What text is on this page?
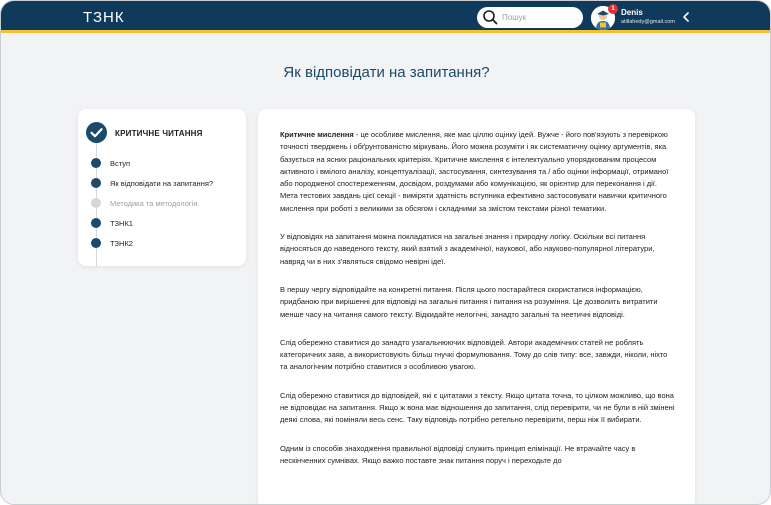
ТЗНК
Пошук	1 Denis
atillahedy@gmail.com
Як відповідати на запитання?
КРИТИЧНЕ ЧИТАННЯ
Вступ
Як відповідати на запитання?
Методика та методологія.
ТЗНК1
ТЗНК2

Критичне мислення - це особливе мислення, яке має ціллю оцінку ідей. Вужче - його пов'язують з перевіркою точності тверджень і обґрунтованістю міркувань. Його можна розуміти і як систематичну оцінку аргументів, яка базується на ясних раціональних критеріях. Критичне мислення є інтелектуально упорядкованим процесом активного і вмілого аналізу, концептуалізації, застосування, синтезування та / або оцінки інформації, отриманої або породженої спостереженням, досвідом, роздумами або комунікацією, як орієнтир для переконання і дії. Мета тестових завдань цієї секції - виміряти здатність вступника ефективно застосовувати навички критичного мислення при роботі з великими за обсягом і складними за змістом текстами різної тематики.

У відповідях на запитання можна покладатися на загальні знання і природну логіку. Оскільки всі питання відносяться до наведеного тексту, який взятий з академічної, наукової, або науково-популярної літератури, навряд чи в них з'являться свідомо невірні ідеї.

В першу чергу відповідайте на конкретні питання. Після цього постарайтеся скористатися інформацією, придбаною при вирішенні для відповіді на загальні питання і питання на розуміння. Це дозволить витратити менше часу на читання самого тексту. Відкидайте нелогічні, занадто загальні та неетичні відповіді.

Слід обережно ставитися до занадто узагальнюючих відповідей. Автори академічних статей не роблять категоричних заяв, а використовують більш гнучкі формулювання. Тому до слів типу: все, завжди, ніколи, ніхто та аналогічним потрібно ставитися з особливою увагою.

Слід обережно ставитися до відповідей, які є цитатами з тексту. Якщо цитата точна, то цілком можливо, що вона не відповідає на запитання. Якщо ж вона має відношення до запитання, слід перевірити, чи не були в ній змінені деякі слова, які поміняли весь сенс. Таку відповідь потрібно ретельно перевірити, перш ніж її вибирати.

Одним із способів знаходження правильної відповіді служить принцип елімінації. Не втрачайте часу в нескінченних сумнівах. Якщо важко поставте знак питання поруч і переходьте до
